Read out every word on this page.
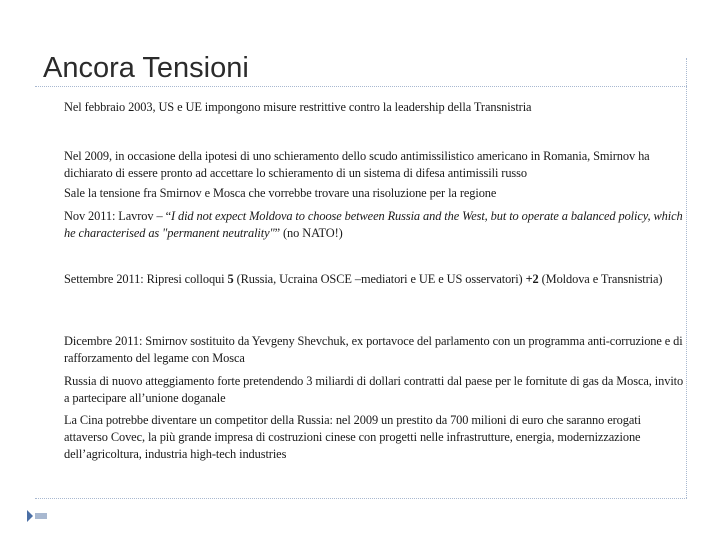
Ancora Tensioni
Nel febbraio 2003, US e UE impongono misure restrittive contro la leadership della Transnistria
Nel 2009, in occasione della ipotesi di uno schieramento dello scudo antimissilistico americano in Romania, Smirnov ha dichiarato di essere pronto ad accettare lo schieramento di un sistema di difesa antimissili russo
Sale la tensione fra Smirnov e Mosca che vorrebbe trovare una risoluzione per la regione
Nov 2011: Lavrov – “I did not expect Moldova to choose between Russia and the West, but to operate a balanced policy, which he characterised as "permanent neutrality"” (no NATO!)
Settembre 2011: Ripresi colloqui 5 (Russia, Ucraina OSCE –mediatori e UE e US osservatori) +2 (Moldova e Transnistria)
Dicembre 2011: Smirnov sostituito da Yevgeny Shevchuk, ex portavoce del parlamento con un programma anti-corruzione e di rafforzamento del legame con Mosca
Russia di nuovo atteggiamento forte pretendendo 3 miliardi di dollari contratti dal paese per le fornitute di gas da Mosca, invito a partecipare all’unione doganale
La Cina potrebbe diventare un competitor della Russia: nel 2009 un prestito da 700 milioni di euro che saranno erogati attaverso Covec, la più grande impresa di costruzioni cinese con progetti nelle infrastrutture, energia, modernizzazione dell’agricoltura, industria high-tech industries
